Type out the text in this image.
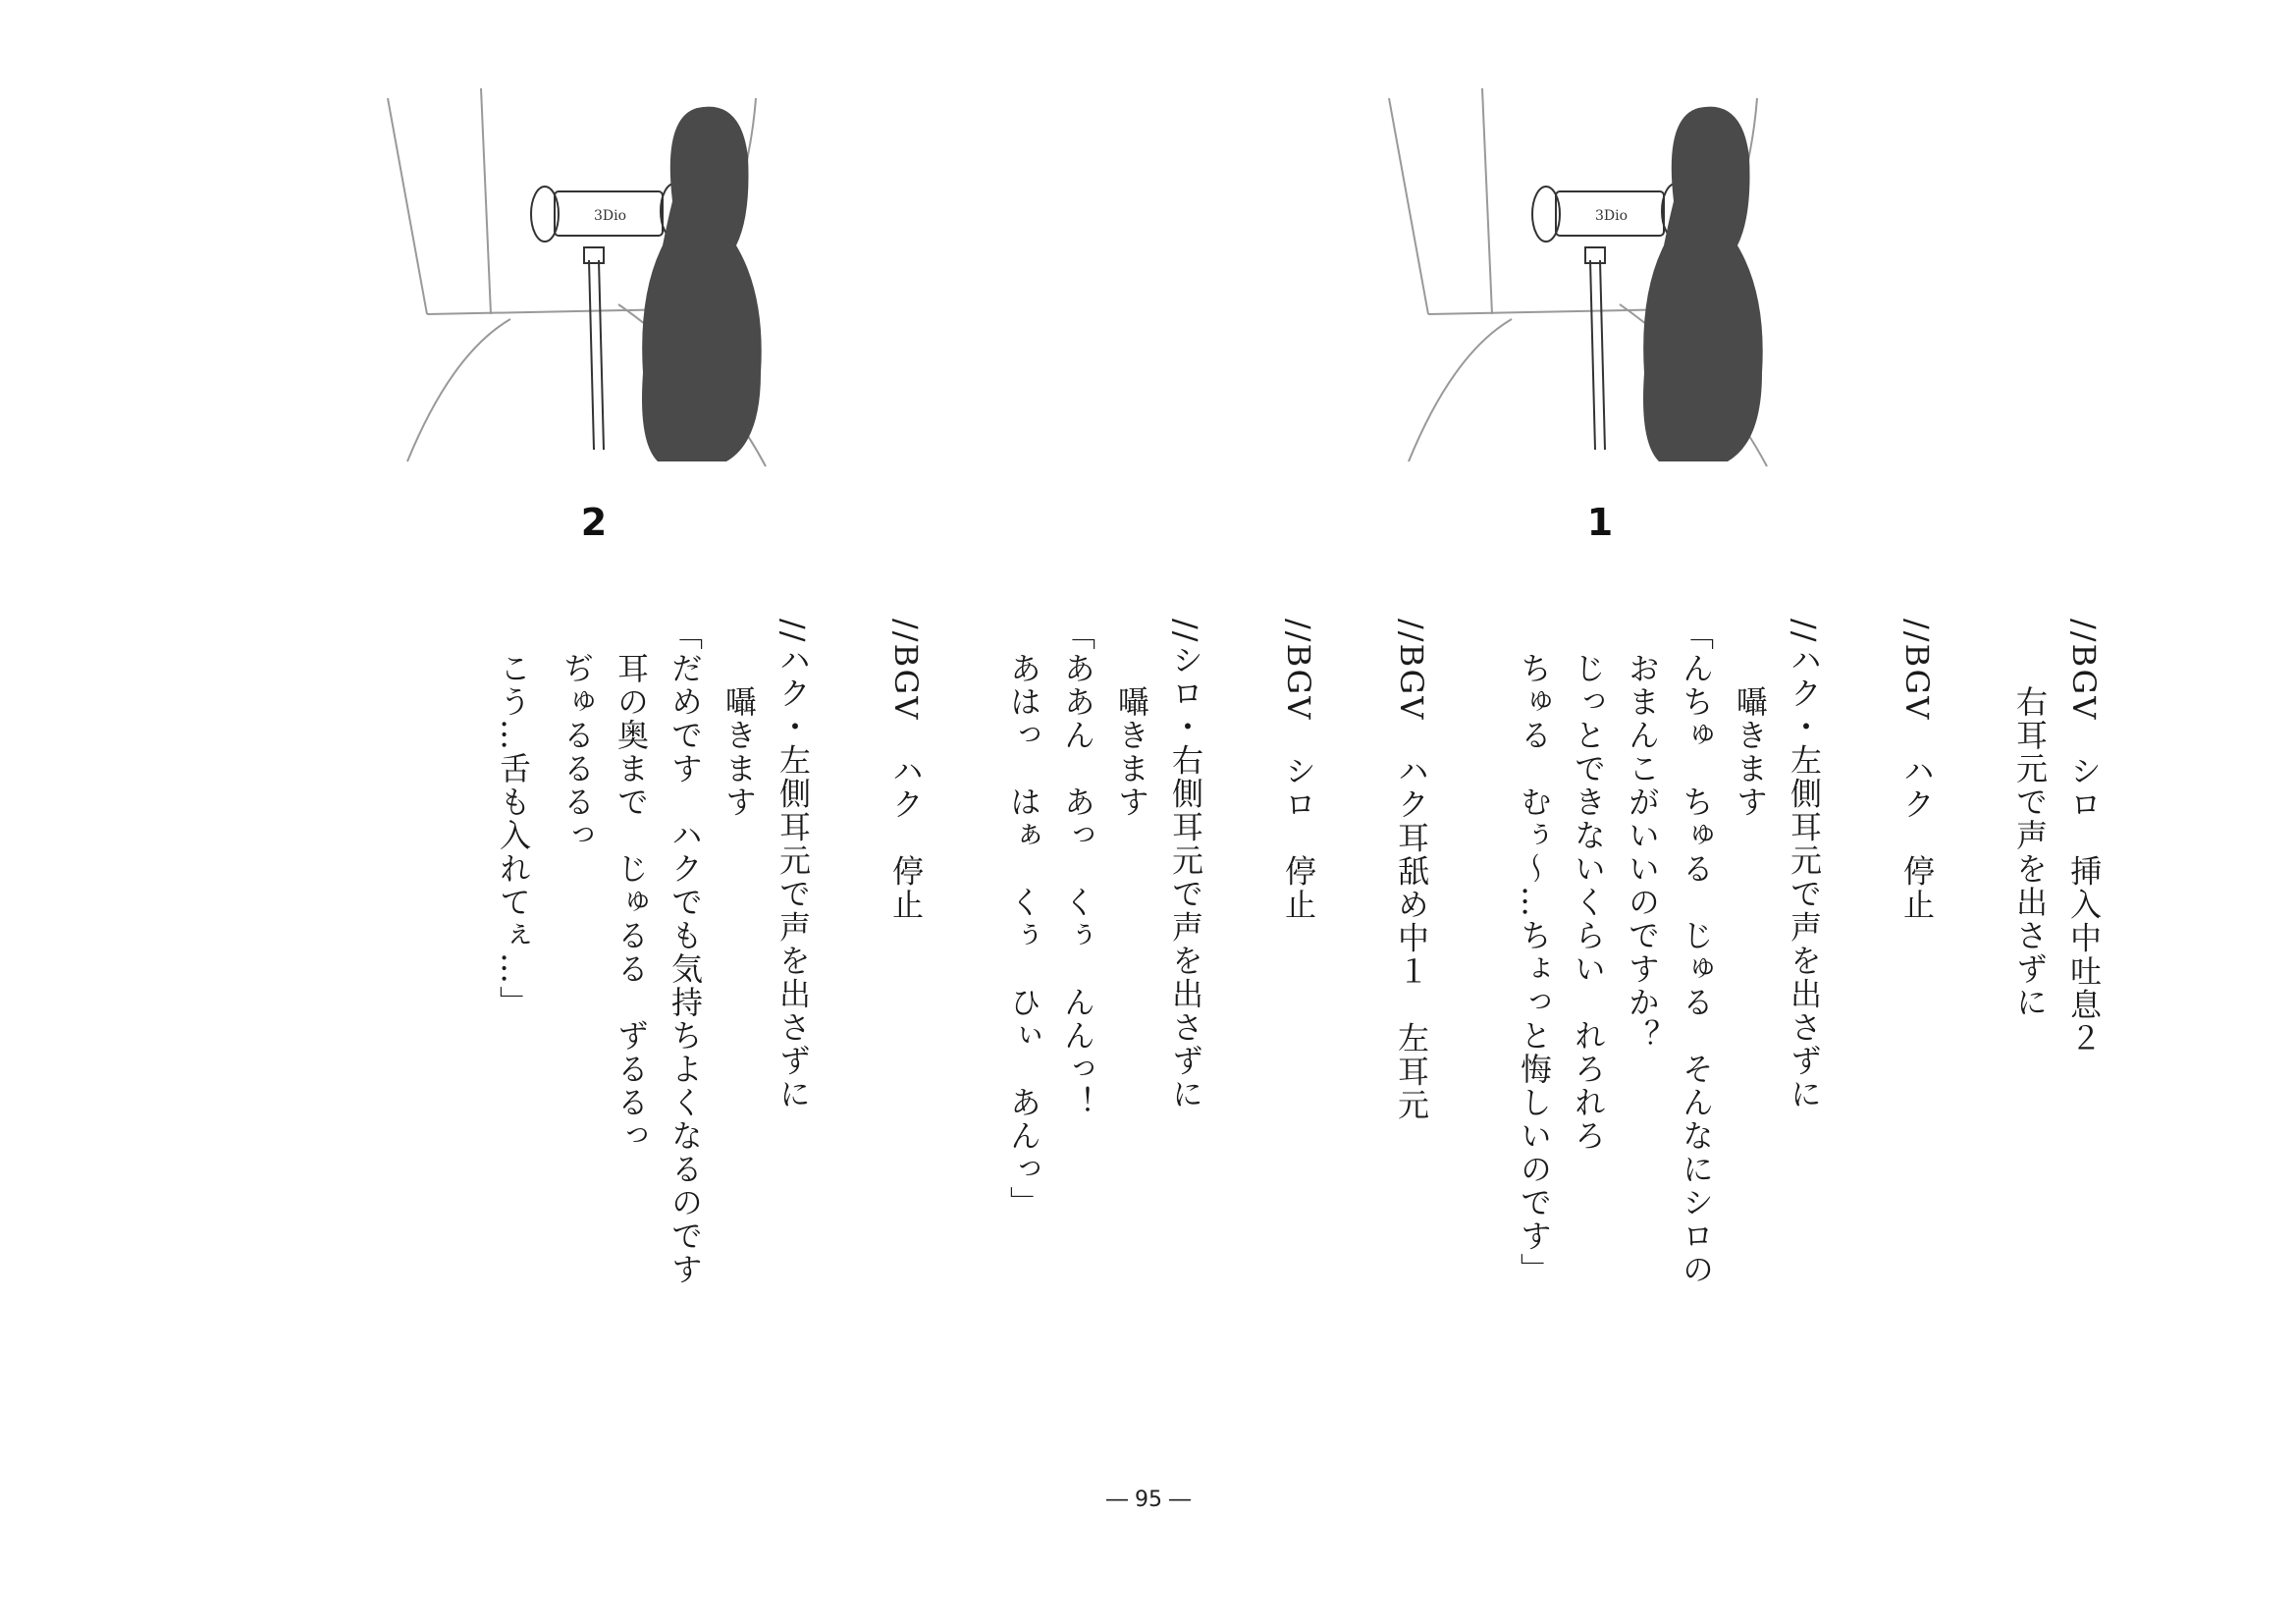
3Dio
2
3Dio
1
//BGV　シロ　挿入中吐息２
　　右耳元で声を出さずに
//BGV　ハク　停止
//ハク・左側耳元で声を出さずに
　　囁きます
「んちゅ　ちゅる　じゅる　そんなにシロの
　おまんこがいいのですか？
　じっとできないくらい　れろれろ
　ちゅる　むぅ～…ちょっと悔しいのです」
//BGV　ハク耳舐め中１　左耳元
//BGV　シロ　停止
//シロ・右側耳元で声を出さずに
　　囁きます
「ああん　あっ　くぅ　んんっ！
　あはっ　はぁ　くぅ　ひぃ　あんっ」
//BGV　ハク　停止
//ハク・左側耳元で声を出さずに
　　囁きます
「だめです　ハクでも気持ちよくなるのです
　耳の奥まで　じゅるる　ずるるっ
　ぢゅるるるっ
　こう…舌も入れてぇ…」
― 95 ―
